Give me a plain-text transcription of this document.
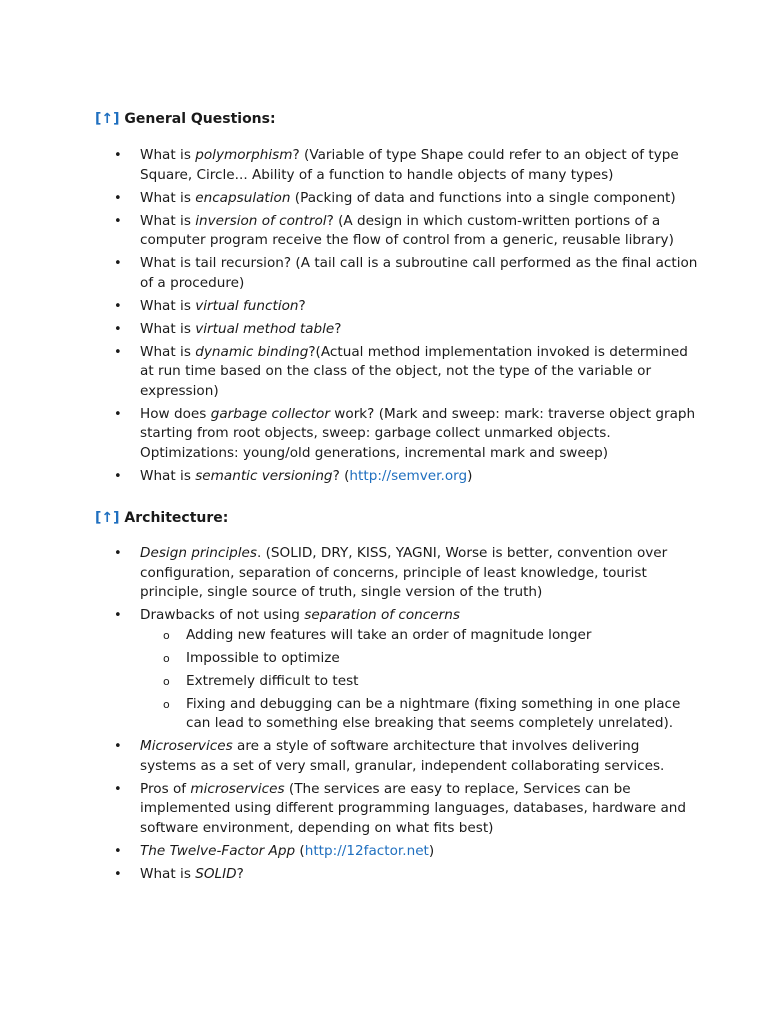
[↑] General Questions:
• What is polymorphism? (Variable of type Shape could refer to an object of type Square, Circle... Ability of a function to handle objects of many types)
• What is encapsulation (Packing of data and functions into a single component)
• What is inversion of control? (A design in which custom-written portions of a computer program receive the flow of control from a generic, reusable library)
• What is tail recursion? (A tail call is a subroutine call performed as the final action of a procedure)
• What is virtual function?
• What is virtual method table?
• What is dynamic binding?(Actual method implementation invoked is determined at run time based on the class of the object, not the type of the variable or expression)
• How does garbage collector work? (Mark and sweep: mark: traverse object graph starting from root objects, sweep: garbage collect unmarked objects. Optimizations: young/old generations, incremental mark and sweep)
• What is semantic versioning? (http://semver.org)
[↑] Architecture:
• Design principles. (SOLID, DRY, KISS, YAGNI, Worse is better, convention over configuration, separation of concerns, principle of least knowledge, tourist principle, single source of truth, single version of the truth)
• Drawbacks of not using separation of concerns
o Adding new features will take an order of magnitude longer
o Impossible to optimize
o Extremely difficult to test
o Fixing and debugging can be a nightmare (fixing something in one place can lead to something else breaking that seems completely unrelated).
• Microservices are a style of software architecture that involves delivering systems as a set of very small, granular, independent collaborating services.
• Pros of microservices (The services are easy to replace, Services can be implemented using different programming languages, databases, hardware and software environment, depending on what fits best)
• The Twelve-Factor App (http://12factor.net)
• What is SOLID?
